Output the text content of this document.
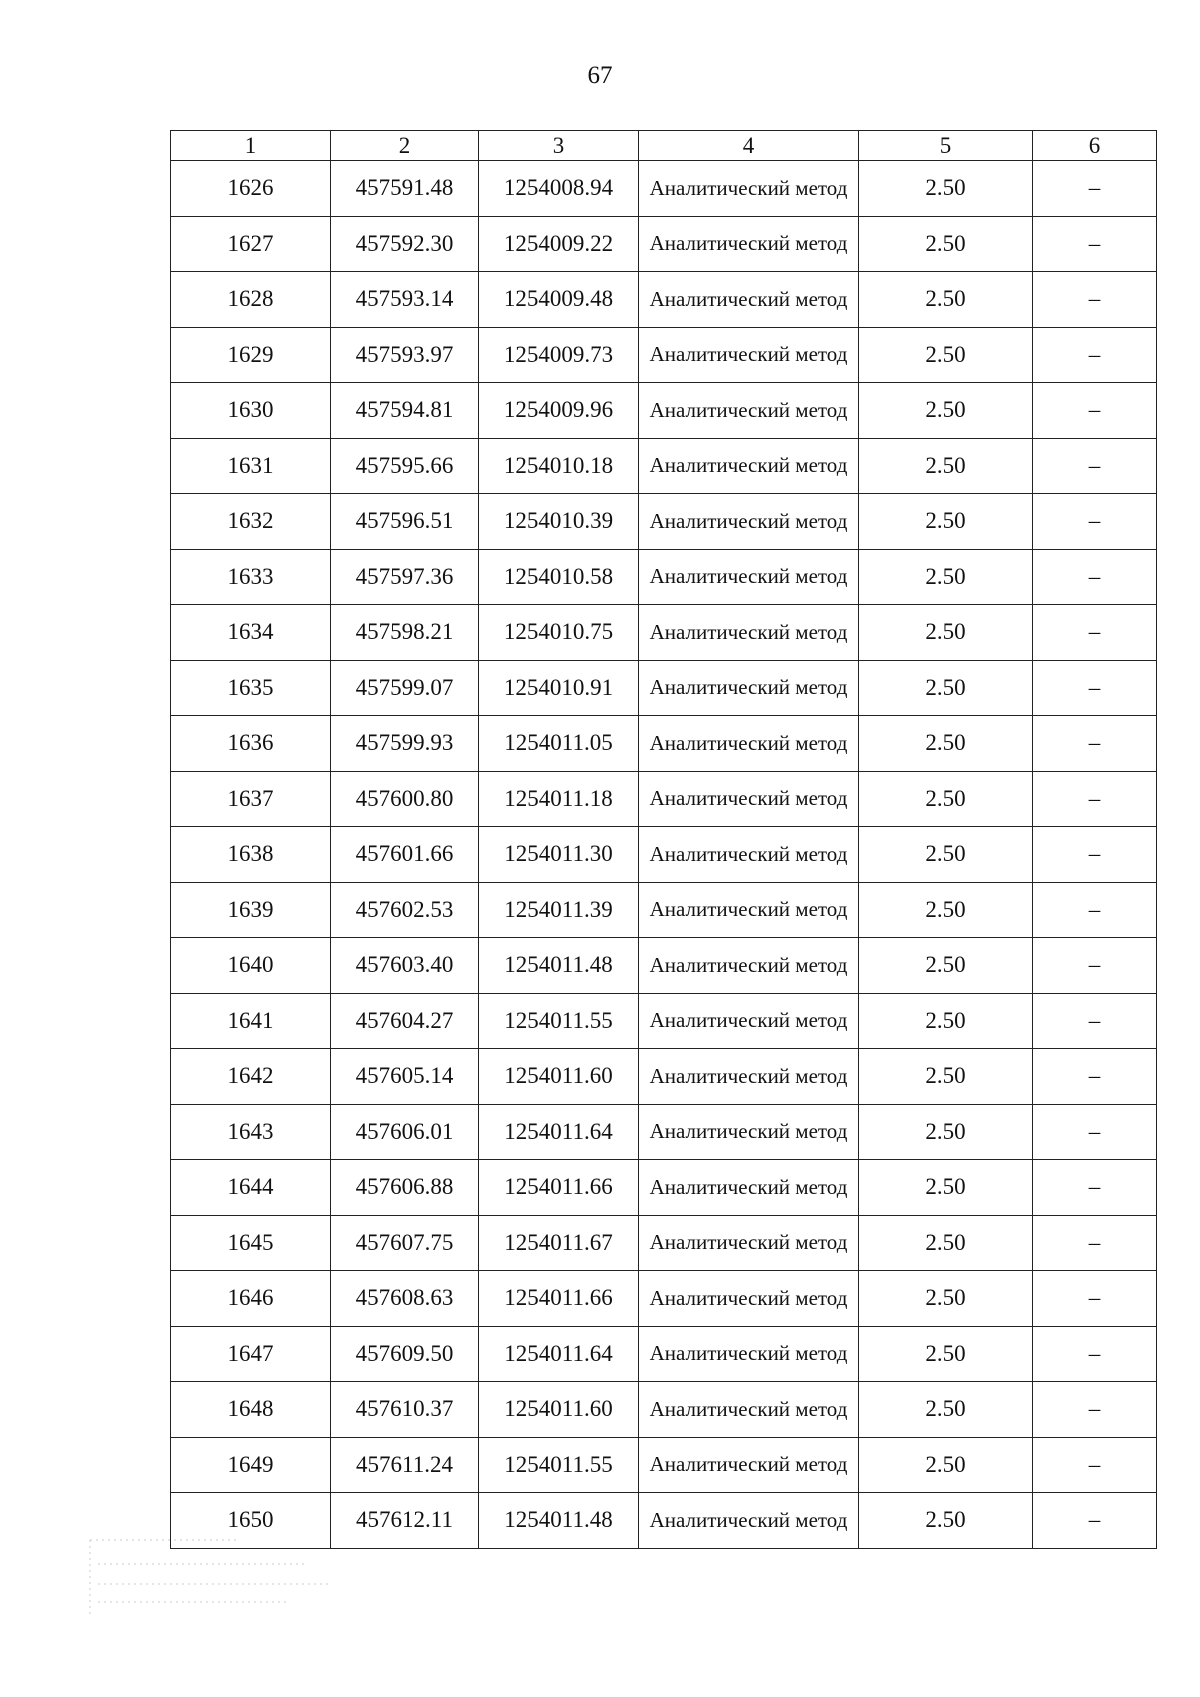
67
1	2	3	4	5	6
1626	457591.48	1254008.94	Аналитический метод	2.50	–
1627	457592.30	1254009.22	Аналитический метод	2.50	–
1628	457593.14	1254009.48	Аналитический метод	2.50	–
1629	457593.97	1254009.73	Аналитический метод	2.50	–
1630	457594.81	1254009.96	Аналитический метод	2.50	–
1631	457595.66	1254010.18	Аналитический метод	2.50	–
1632	457596.51	1254010.39	Аналитический метод	2.50	–
1633	457597.36	1254010.58	Аналитический метод	2.50	–
1634	457598.21	1254010.75	Аналитический метод	2.50	–
1635	457599.07	1254010.91	Аналитический метод	2.50	–
1636	457599.93	1254011.05	Аналитический метод	2.50	–
1637	457600.80	1254011.18	Аналитический метод	2.50	–
1638	457601.66	1254011.30	Аналитический метод	2.50	–
1639	457602.53	1254011.39	Аналитический метод	2.50	–
1640	457603.40	1254011.48	Аналитический метод	2.50	–
1641	457604.27	1254011.55	Аналитический метод	2.50	–
1642	457605.14	1254011.60	Аналитический метод	2.50	–
1643	457606.01	1254011.64	Аналитический метод	2.50	–
1644	457606.88	1254011.66	Аналитический метод	2.50	–
1645	457607.75	1254011.67	Аналитический метод	2.50	–
1646	457608.63	1254011.66	Аналитический метод	2.50	–
1647	457609.50	1254011.64	Аналитический метод	2.50	–
1648	457610.37	1254011.60	Аналитический метод	2.50	–
1649	457611.24	1254011.55	Аналитический метод	2.50	–
1650	457612.11	1254011.48	Аналитический метод	2.50	–
